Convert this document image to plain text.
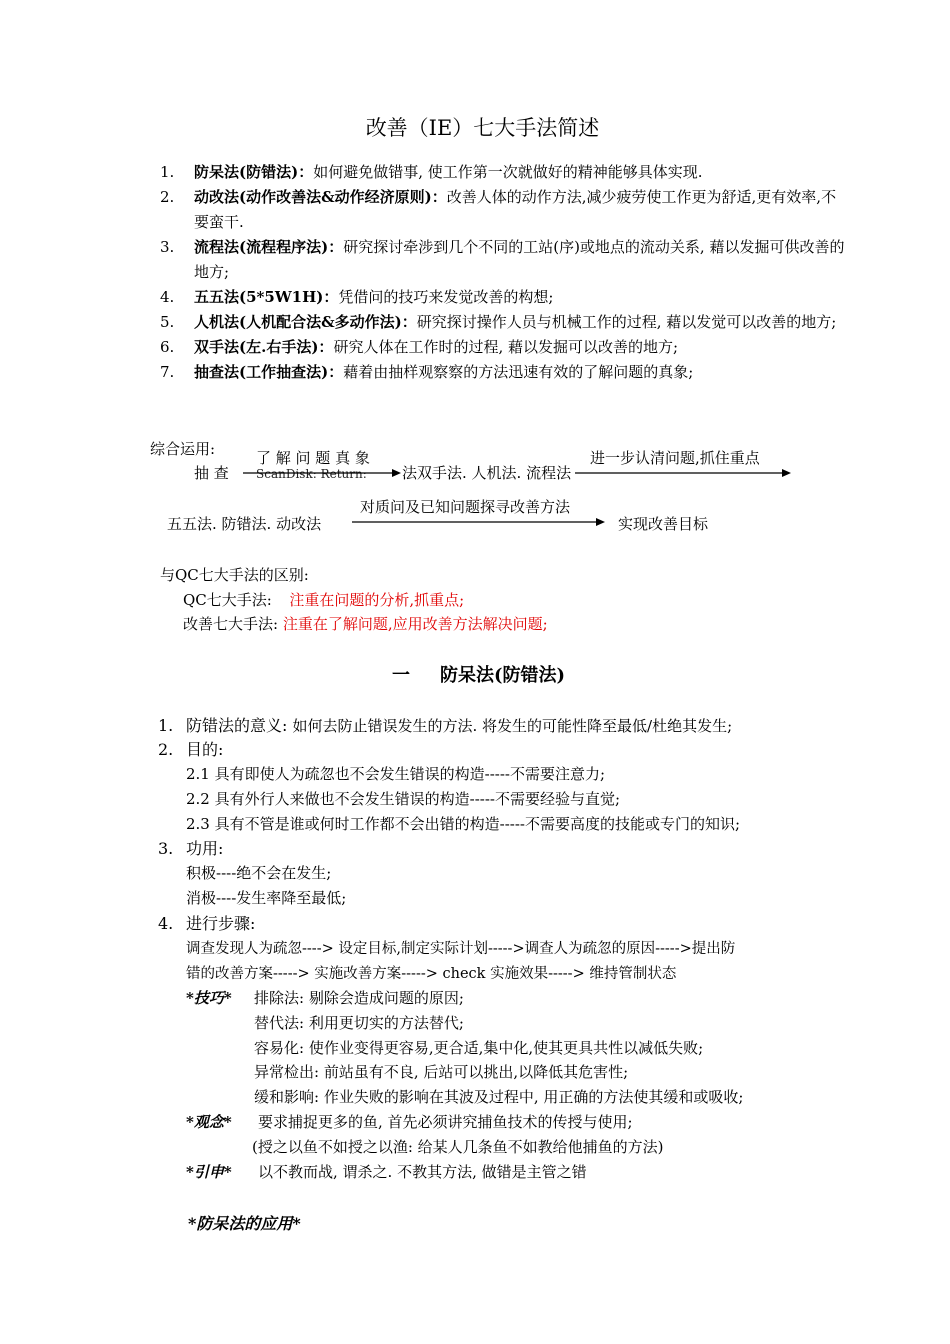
改善（IE）七大手法简述
1.	防呆法(防错法)：如何避免做错事, 使工作第一次就做好的精神能够具体实现.
2.	动改法(动作改善法&动作经济原则)：改善人体的动作方法,减少疲劳使工作更为舒适,更有效率,不要蛮干.
3.	流程法(流程程序法)：研究探讨牵涉到几个不同的工站(序)或地点的流动关系, 藉以发掘可供改善的地方;
4.	五五法(5*5W1H)：凭借问的技巧来发觉改善的构想;
5.	人机法(人机配合法&多动作法)：研究探讨操作人员与机械工作的过程, 藉以发觉可以改善的地方;
6.	双手法(左.右手法)：研究人体在工作时的过程, 藉以发掘可以改善的地方;
7.	抽查法(工作抽查法)：藉着由抽样观察察的方法迅速有效的了解问题的真象;
综合运用:	了 解 问 题 真 象
抽 查 ScanDisk: Return: 法双手法. 人机法. 流程法
进一步认清问题,抓住重点
对质问及已知问题探寻改善方法
五五法. 防错法. 动改法	实现改善目标
与QC七大手法的区别:
QC七大手法: 注重在问题的分析,抓重点;
改善七大手法: 注重在了解问题,应用改善方法解决问题;
一 防呆法(防错法)
1. 防错法的意义: 如何去防止错误发生的方法. 将发生的可能性降至最低/杜绝其发生;
2. 目的:
2.1 具有即使人为疏忽也不会发生错误的构造-----不需要注意力;
2.2 具有外行人来做也不会发生错误的构造-----不需要经验与直觉;
2.3 具有不管是谁或何时工作都不会出错的构造-----不需要高度的技能或专门的知识;
3. 功用:
积极----绝不会在发生;
消极----发生率降至最低;
4. 进行步骤:
调查发现人为疏忽----> 设定目标,制定实际计划----->调查人为疏忽的原因----->提出防
错的改善方案-----> 实施改善方案-----> check 实施效果-----> 维持管制状态
*技巧* 排除法: 剔除会造成问题的原因;
替代法: 利用更切实的方法替代;
容易化: 使作业变得更容易,更合适,集中化,使其更具共性以减低失败;
异常检出: 前站虽有不良, 后站可以挑出,以降低其危害性;
缓和影响: 作业失败的影响在其波及过程中, 用正确的方法使其缓和或吸收;
*观念* 要求捕捉更多的鱼, 首先必须讲究捕鱼技术的传授与使用;
(授之以鱼不如授之以渔: 给某人几条鱼不如教给他捕鱼的方法)
*引申* 以不教而战, 谓杀之. 不教其方法, 做错是主管之错
*防呆法的应用*
